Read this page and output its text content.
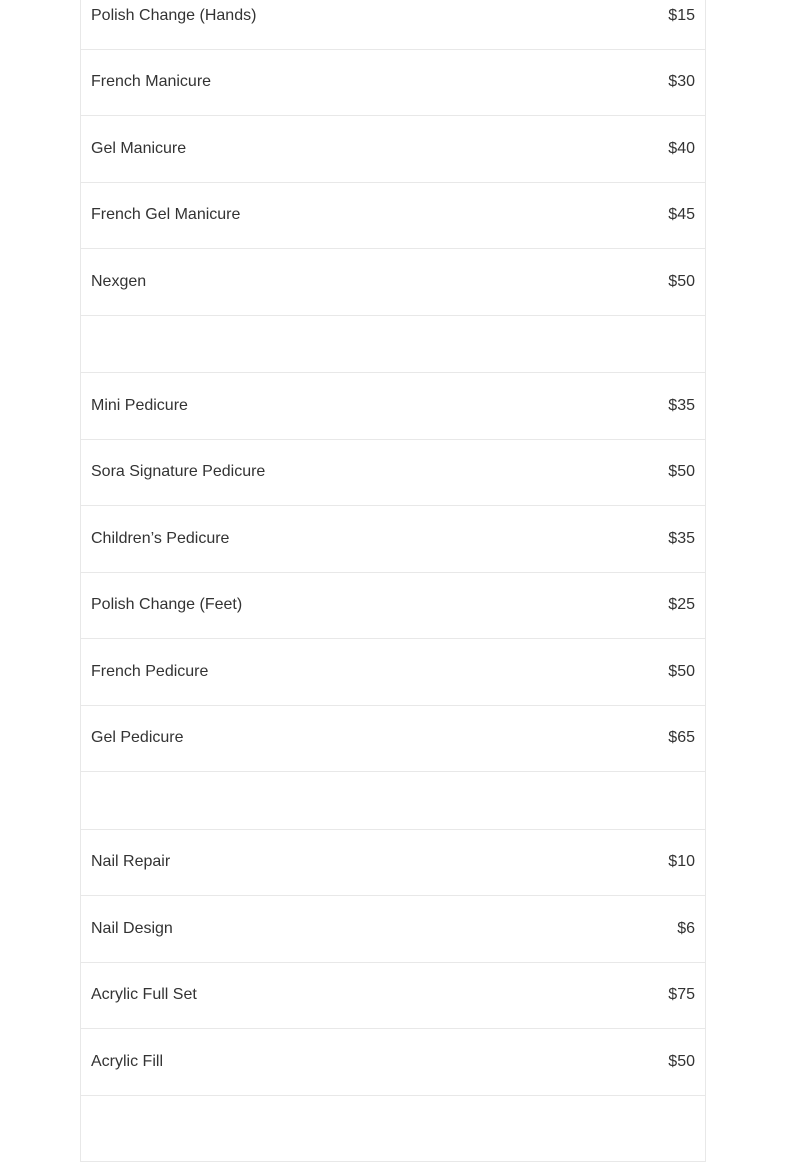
Polish Change (Hands)	$15
French Manicure	$30
Gel Manicure	$40
French Gel Manicure	$45
Nexgen	$50
Mini Pedicure	$35
Sora Signature Pedicure	$50
Children’s Pedicure	$35
Polish Change (Feet)	$25
French Pedicure	$50
Gel Pedicure	$65
Nail Repair	$10
Nail Design	$6
Acrylic Full Set	$75
Acrylic Fill	$50
